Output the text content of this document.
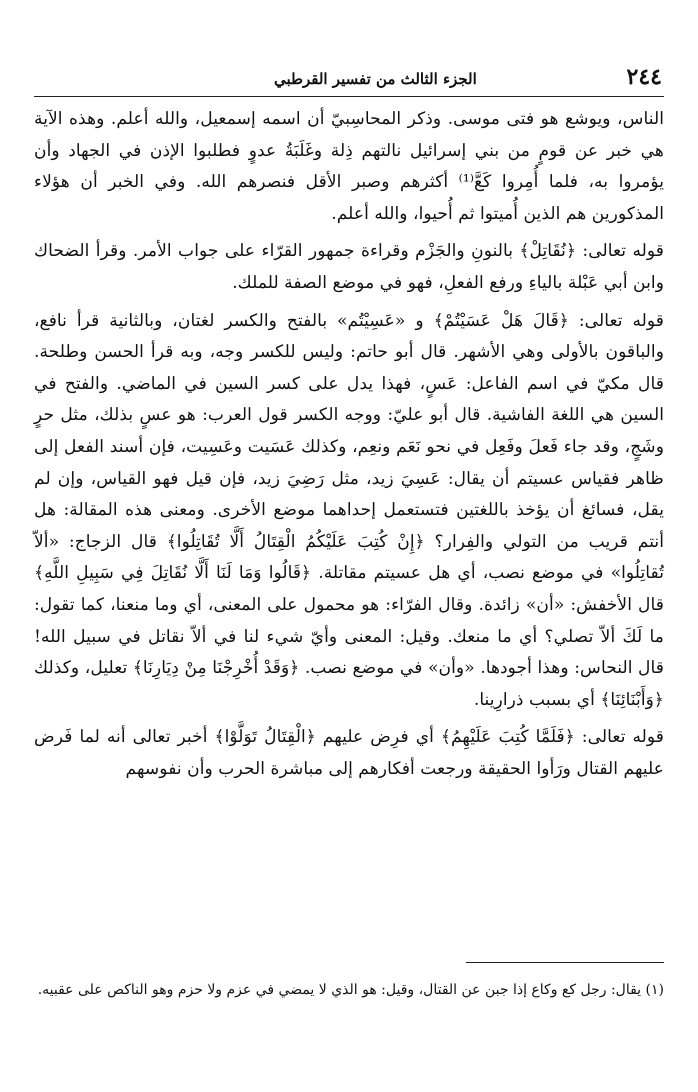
٢٤٤
الجزء الثالث من تفسير القرطبي

الناس، ويوشع هو فتى موسى. وذكر المحاسِبيّ أن اسمه إسمعيل، والله أعلم. وهذه الآية هي خبر عن قومٍ من بني إسرائيل نالتهم ذِلة وغَلَبَةُ عدوٍ فطلبوا الإذن في الجهاد وأن يؤمروا به، فلما أُمِروا كَعَّ⁽¹⁾ أكثرهم وصبر الأقل فنصرهم الله. وفي الخبر أن هؤلاء المذكورين هم الذين أُميتوا ثم أُحيوا، والله أعلم.

قوله تعالى: ﴿نُقَاتِلْ﴾ بالنونِ والجَزْم وقراءة جمهور القرّاء على جواب الأمر. وقرأ الضحاك وابن أبي عَبْلة بالياءِ ورفع الفعلِ، فهو في موضع الصفة للملك.

قوله تعالى: ﴿قَالَ هَلْ عَسَيْتُمْ﴾ و «عَسِيْتُم» بالفتح والكسر لغتان، وبالثانية قرأ نافع، والباقون بالأولى وهي الأشهر. قال أبو حاتم: وليس للكسر وجه، وبه قرأ الحسن وطلحة. قال مكيّ في اسم الفاعل: عَسٍ، فهذا يدل على كسر السين في الماضي. والفتح في السين هي اللغة الفاشية. قال أبو عليّ: ووجه الكسر قول العرب: هو عسٍ بذلك، مثل حرٍ وشَجٍ، وقد جاء فَعلَ وفَعِل في نحو نَعَم ونعِم، وكذلك عَسَيت وعَسِيت، فإن أسند الفعل إلى ظاهر فقياس عسيتم أن يقال: عَسِيَ زيد، مثل رَضِيَ زيد، فإن قيل فهو القياس، وإن لم يقل، فسائغ أن يؤخذ باللغتين فتستعمل إحداهما موضع الأخرى. ومعنى هذه المقالة: هل أنتم قريب من التولي والفِرار؟ ﴿إِنْ كُتِبَ عَلَيْكُمُ الْقِتَالُ أَلَّا تُقَاتِلُوا﴾ قال الزجاج: «ألاّ تُقاتِلُوا» في موضع نصب، أي هل عسيتم مقاتلة. ﴿قَالُوا وَمَا لَنَا أَلَّا نُقَاتِلَ فِي سَبِيلِ اللَّهِ﴾ قال الأخفش: «أن» زائدة. وقال الفرّاء: هو محمول على المعنى، أي وما منعنا، كما تقول: ما لَكَ ألاّ تصلي؟ أي ما منعك. وقيل: المعنى وأيّ شيء لنا في ألاّ نقاتل في سبيل الله! قال النحاس: وهذا أجودها. «وأن» في موضع نصب. ﴿وَقَدْ أُخْرِجْنَا مِنْ دِيَارِنَا﴾ تعليل، وكذلك ﴿وَأَبْنَائِنَا﴾ أي بسبب ذرارِينا.

قوله تعالى: ﴿فَلَمَّا كُتِبَ عَلَيْهِمُ﴾ أي فرِض عليهم ﴿الْقِتَالُ تَوَلَّوْا﴾ أخبر تعالى أنه لما فَرض عليهم القتال ورَأوا الحقيقة ورجعت أفكارهم إلى مباشرة الحرب وأن نفوسهم

(١) يقال: رجل كع وكاع إذا جبن عن القتال، وقيل: هو الذي لا يمضي في عزم ولا حزم وهو الناكص على عقبيه.
